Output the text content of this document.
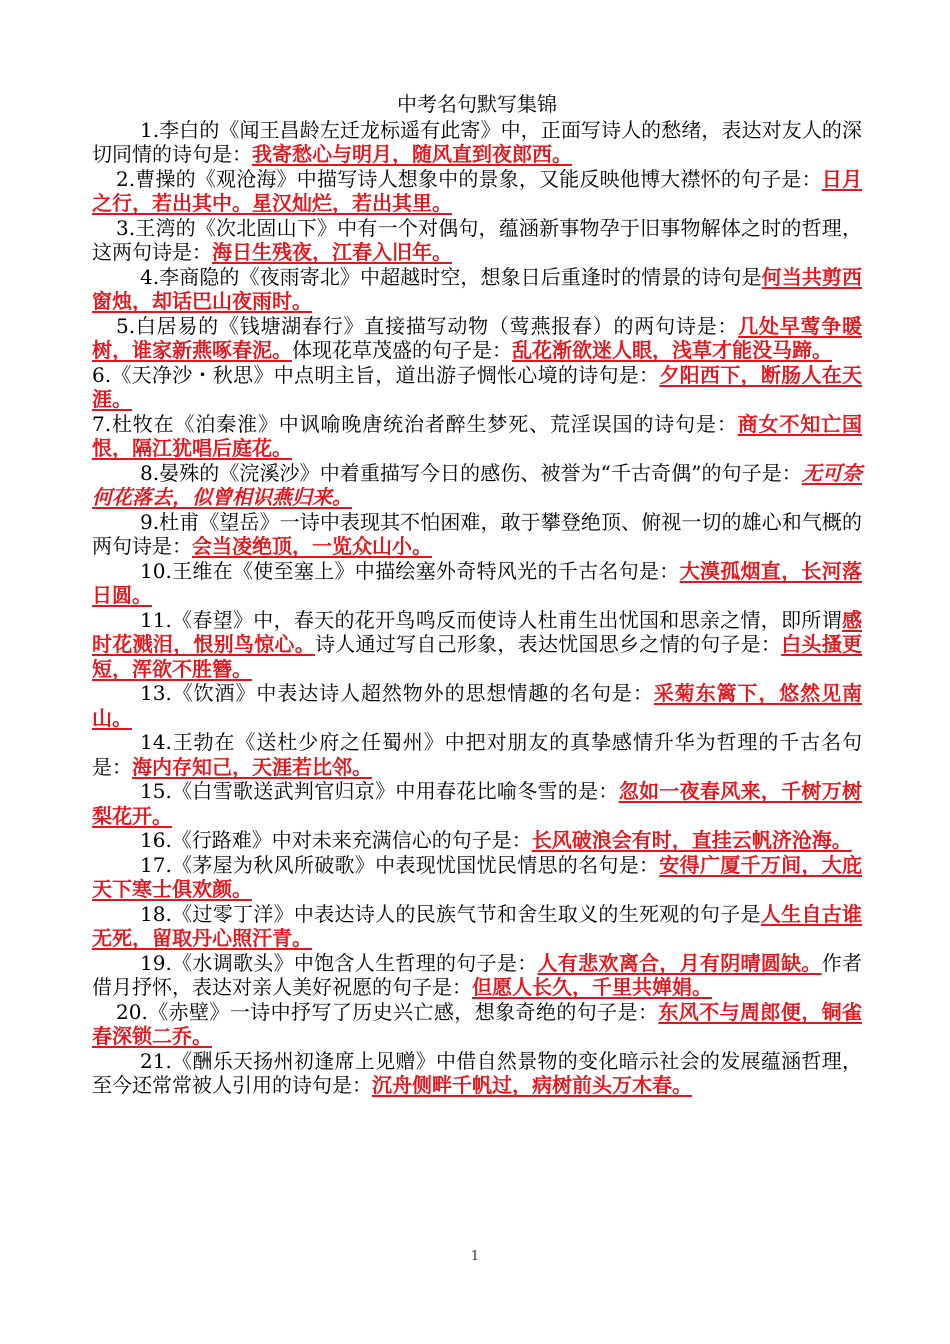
中考名句默写集锦

1.李白的《闻王昌龄左迁龙标遥有此寄》中，正面写诗人的愁绪，表达对友人的深切同情的诗句是：我寄愁心与明月，随风直到夜郎西。

2.曹操的《观沧海》中描写诗人想象中的景象，又能反映他博大襟怀的句子是：日月之行，若出其中。星汉灿烂，若出其里。

3.王湾的《次北固山下》中有一个对偶句，蕴涵新事物孕于旧事物解体之时的哲理，这两句诗是：海日生残夜，江春入旧年。

4.李商隐的《夜雨寄北》中超越时空，想象日后重逢时的情景的诗句是何当共剪西窗烛，却话巴山夜雨时。

5.白居易的《钱塘湖春行》直接描写动物（莺燕报春）的两句诗是：几处早莺争暖树，谁家新燕啄春泥。体现花草茂盛的句子是：乱花渐欲迷人眼，浅草才能没马蹄。

6.《天净沙・秋思》中点明主旨，道出游子惆怅心境的诗句是：夕阳西下，断肠人在天涯。

7.杜牧在《泊秦淮》中讽喻晚唐统治者醉生梦死、荒淫误国的诗句是：商女不知亡国恨，隔江犹唱后庭花。

8.晏殊的《浣溪沙》中着重描写今日的感伤、被誉为“千古奇偶”的句子是：无可奈何花落去，似曾相识燕归来。

9.杜甫《望岳》一诗中表现其不怕困难，敢于攀登绝顶、俯视一切的雄心和气概的两句诗是：会当凌绝顶，一览众山小。

10.王维在《使至塞上》中描绘塞外奇特风光的千古名句是：大漠孤烟直，长河落日圆。

11.《春望》中，春天的花开鸟鸣反而使诗人杜甫生出忧国和思亲之情，即所谓感时花溅泪，恨别鸟惊心。诗人通过写自己形象，表达忧国思乡之情的句子是：白头搔更短，浑欲不胜簪。

13.《饮酒》中表达诗人超然物外的思想情趣的名句是：采菊东篱下，悠然见南山。

14.王勃在《送杜少府之任蜀州》中把对朋友的真挚感情升华为哲理的千古名句是：海内存知己，天涯若比邻。

15.《白雪歌送武判官归京》中用春花比喻冬雪的是：忽如一夜春风来，千树万树梨花开。

16.《行路难》中对未来充满信心的句子是：长风破浪会有时，直挂云帆济沧海。

17.《茅屋为秋风所破歌》中表现忧国忧民情思的名句是：安得广厦千万间，大庇天下寒士俱欢颜。

18.《过零丁洋》中表达诗人的民族气节和舍生取义的生死观的句子是人生自古谁无死，留取丹心照汗青。

19.《水调歌头》中饱含人生哲理的句子是：人有悲欢离合，月有阴晴圆缺。作者借月抒怀，表达对亲人美好祝愿的句子是：但愿人长久，千里共婵娟。

20.《赤壁》一诗中抒写了历史兴亡感，想象奇绝的句子是：东风不与周郎便，铜雀春深锁二乔。

21.《酬乐天扬州初逢席上见赠》中借自然景物的变化暗示社会的发展蕴涵哲理，至今还常常被人引用的诗句是：沉舟侧畔千帆过，病树前头万木春。

1
